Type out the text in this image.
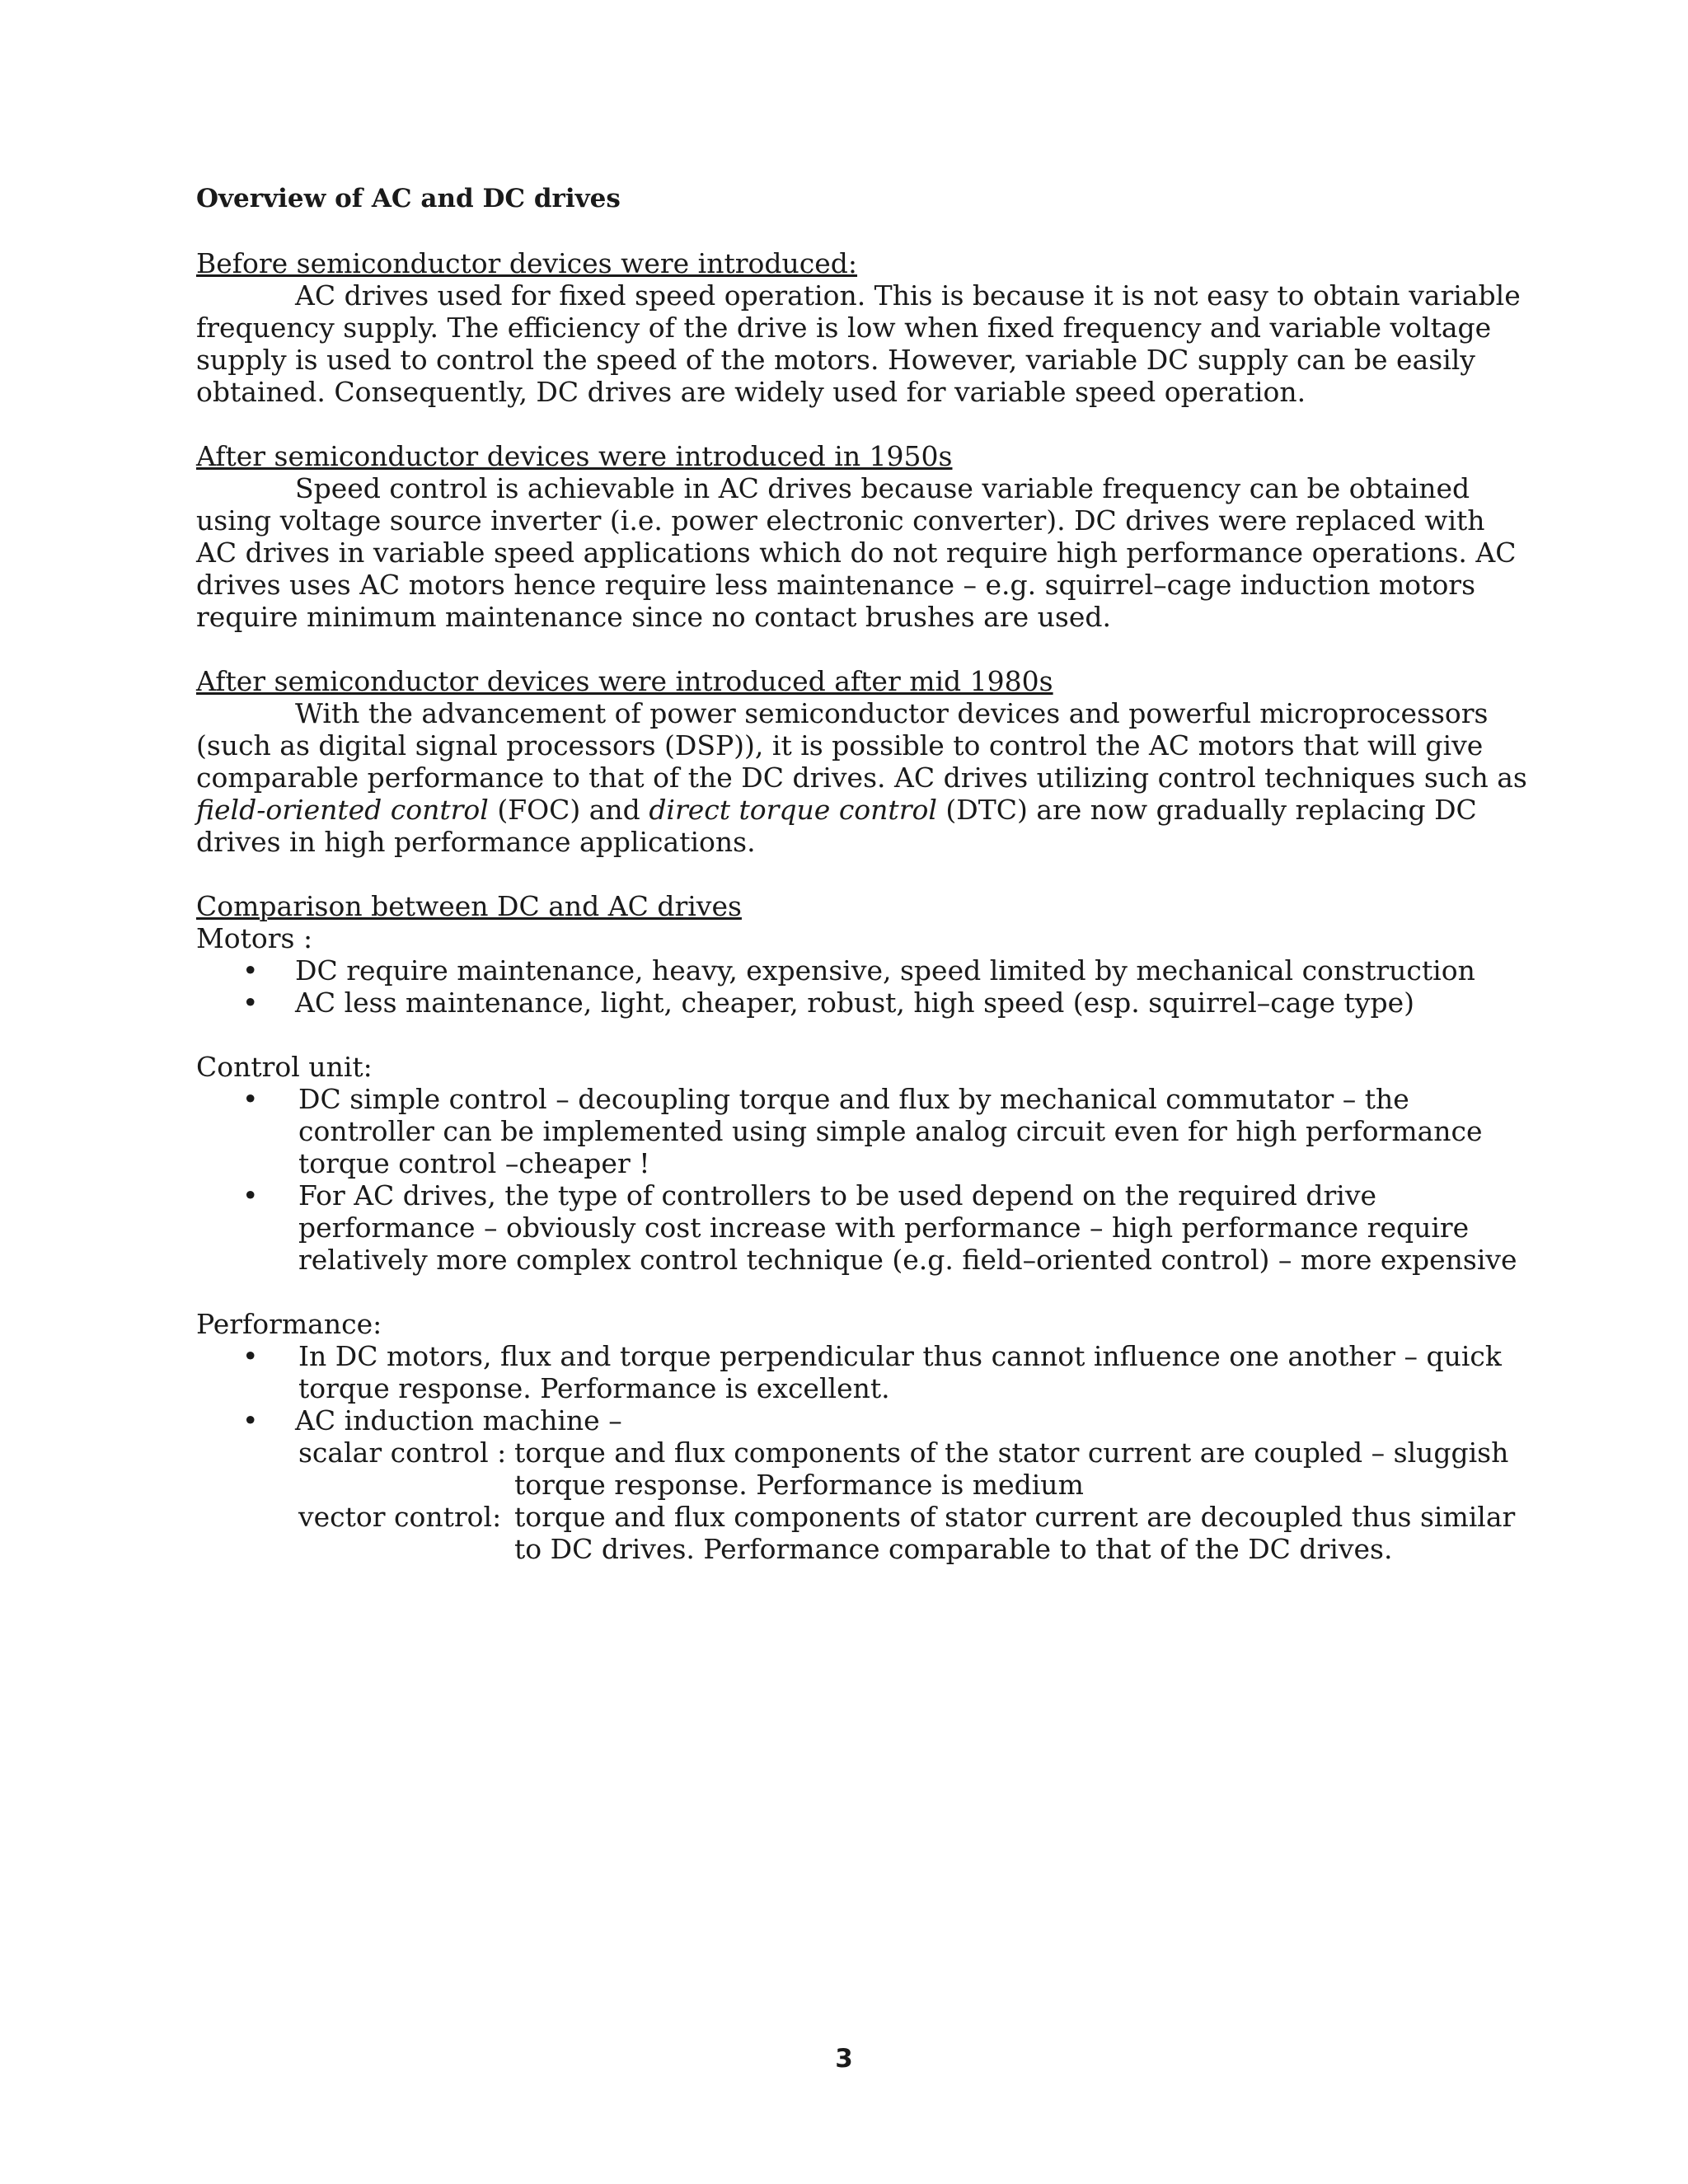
Overview of AC and DC drives

Before semiconductor devices were introduced:

AC drives used for fixed speed operation. This is because it is not easy to obtain variable frequency supply. The efficiency of the drive is low when fixed frequency and variable voltage supply is used to control the speed of the motors. However, variable DC supply can be easily obtained. Consequently, DC drives are widely used for variable speed operation.

After semiconductor devices were introduced in 1950s

Speed control is achievable in AC drives because variable frequency can be obtained using voltage source inverter (i.e. power electronic converter). DC drives were replaced with AC drives in variable speed applications which do not require high performance operations. AC drives uses AC motors hence require less maintenance – e.g. squirrel–cage induction motors require minimum maintenance since no contact brushes are used.

After semiconductor devices were introduced after mid 1980s

With the advancement of power semiconductor devices and powerful microprocessors (such as digital signal processors (DSP)), it is possible to control the AC motors that will give comparable performance to that of the DC drives. AC drives utilizing control techniques such as field-oriented control (FOC) and direct torque control (DTC) are now gradually replacing DC drives in high performance applications.

Comparison between DC and AC drives

Motors :

• DC require maintenance, heavy, expensive, speed limited by mechanical construction
• AC less maintenance, light, cheaper, robust, high speed (esp. squirrel–cage type)

Control unit:

• DC simple control – decoupling torque and flux by mechanical commutator – the controller can be implemented using simple analog circuit even for high performance torque control –cheaper !
• For AC drives, the type of controllers to be used depend on the required drive performance – obviously cost increase with performance – high performance require relatively more complex control technique (e.g. field–oriented control) – more expensive

Performance:

• In DC motors, flux and torque perpendicular thus cannot influence one another – quick torque response. Performance is excellent.
• AC induction machine –
scalar control : torque and flux components of the stator current are coupled – sluggish torque response. Performance is medium
vector control: torque and flux components of stator current are decoupled thus similar to DC drives. Performance comparable to that of the DC drives.
3
